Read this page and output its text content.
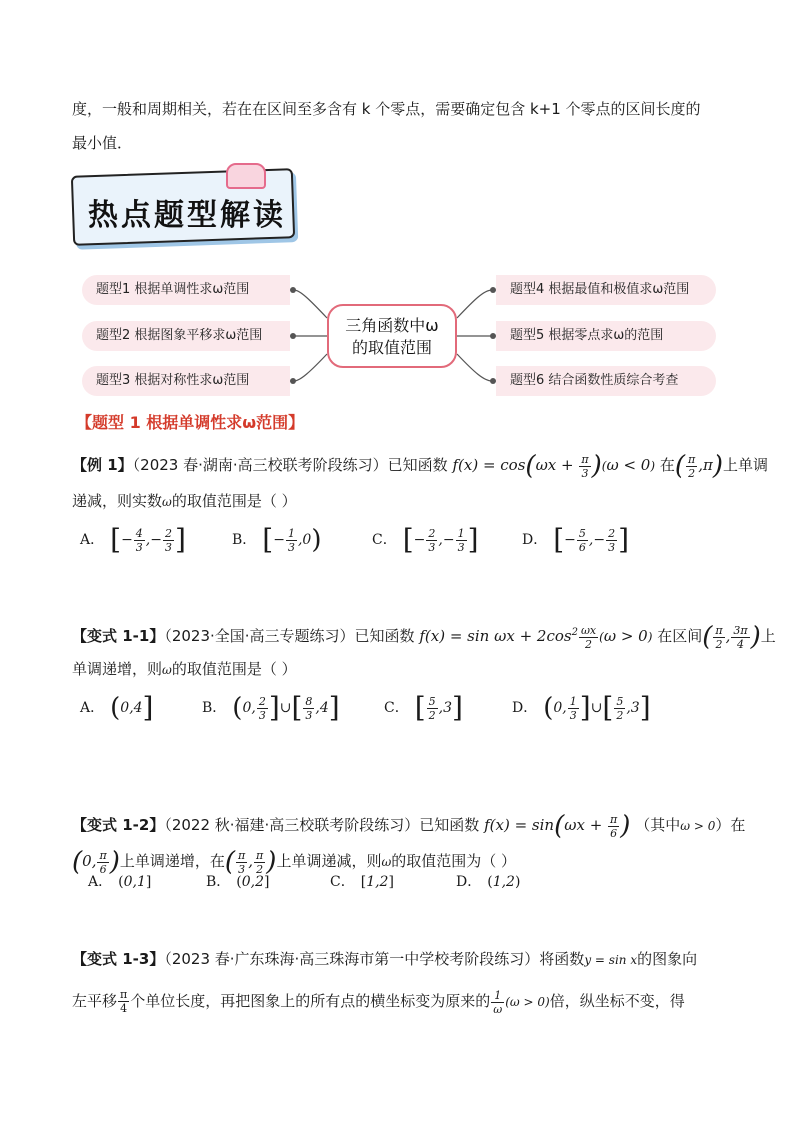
度，一般和周期相关，若在在区间至多含有 k 个零点，需要确定包含 k+1 个零点的区间长度的
最小值．
热点题型解读
题型1 根据单调性求ω范围
题型2 根据图象平移求ω范围
题型3 根据对称性求ω范围
题型4 根据最值和极值求ω范围
题型5 根据零点求ω的范围
题型6 结合函数性质综合考查
三角函数中ω
的取值范围
【题型 1 根据单调性求ω范围】
【例 1】（2023 春·湖南·高三校联考阶段练习）已知函数 $f(x) = \cos(\omega x + \frac{\pi}{3} )(\omega < 0)$ 在( $\frac{\pi}{2} ,\pi$)上单调
递减，则实数ω的取值范围是（ ）
A． [− $\frac{4}{3}$ ,− $\frac{2}{3}$ ]	B． [− $\frac{1}{3} ,0$)	C． [− $\frac{2}{3}$ ,− $\frac{1}{3}$ ]	D． [− $\frac{5}{6}$ ,− $\frac{2}{3}$ ]
【变式 1-1】（2023·全国·高三专题练习）已知函数 $f(x) = \sin \omega x + 2\cos^2 \frac{\omega x}{2} (\omega > 0)$ 在区间( $\frac{\pi}{2}$ , $\frac{3\pi}{4}$ )上
单调递增，则ω的取值范围是（ ）
A． (0,4]	B． (0, $\frac{2}{3}$ ]∪[ $\frac{8}{3} ,4$]	C． [ $\frac{5}{2} ,3$]	D． (0, $\frac{1}{3}$ ]∪[ $\frac{5}{2} ,3$]
【变式 1-2】（2022 秋·福建·高三校联考阶段练习）已知函数 $f(x) = \sin(\omega x + \frac{\pi}{6}$ ) （其中ω > 0）在
(0, $\frac{\pi}{6}$ )上单调递增，在( $\frac{\pi}{3}$ , $\frac{\pi}{2}$ )上单调递减，则ω的取值范围为（ ）
A． (0,1]	B． (0,2]	C． [1,2]	D． (1,2)
【变式 1-3】（2023 春·广东珠海·高三珠海市第一中学校考阶段练习）将函数y = sin x的图象向
左平移 $\frac{\pi}{4}$ 个单位长度，再把图象上的所有点的横坐标变为原来的 $\frac{1}{\omega} (\omega > 0)$倍，纵坐标不变，得
